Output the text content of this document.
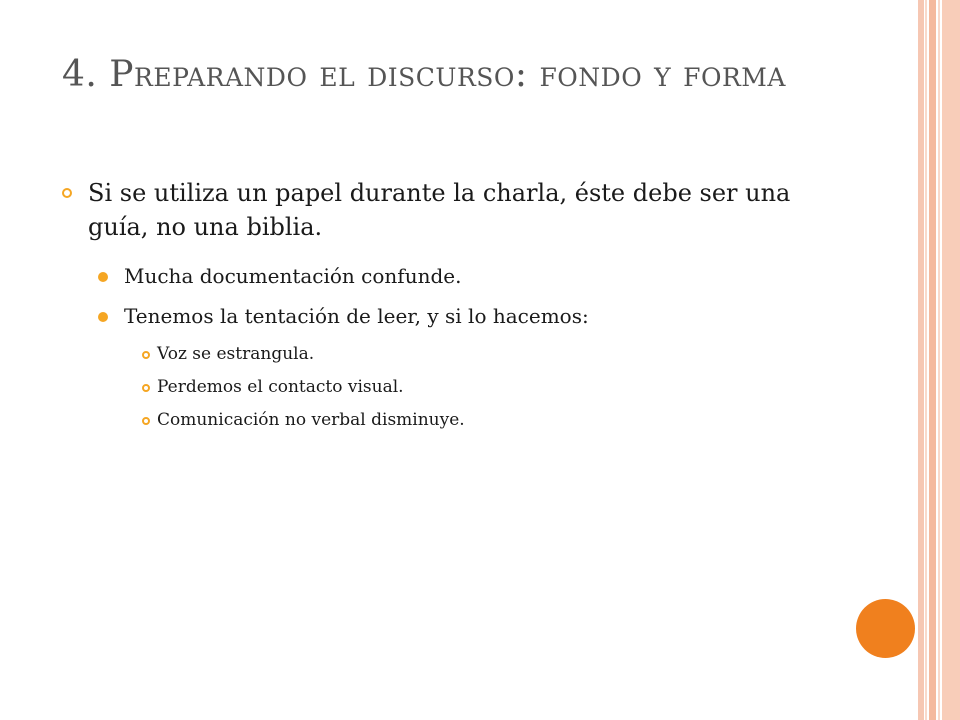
4. Preparando el discurso: fondo y forma
Si se utiliza un papel durante la charla, éste debe ser una guía, no una biblia.
Mucha documentación confunde.
Tenemos la tentación de leer, y si lo hacemos:
Voz se estrangula.
Perdemos el contacto visual.
Comunicación no verbal disminuye.
